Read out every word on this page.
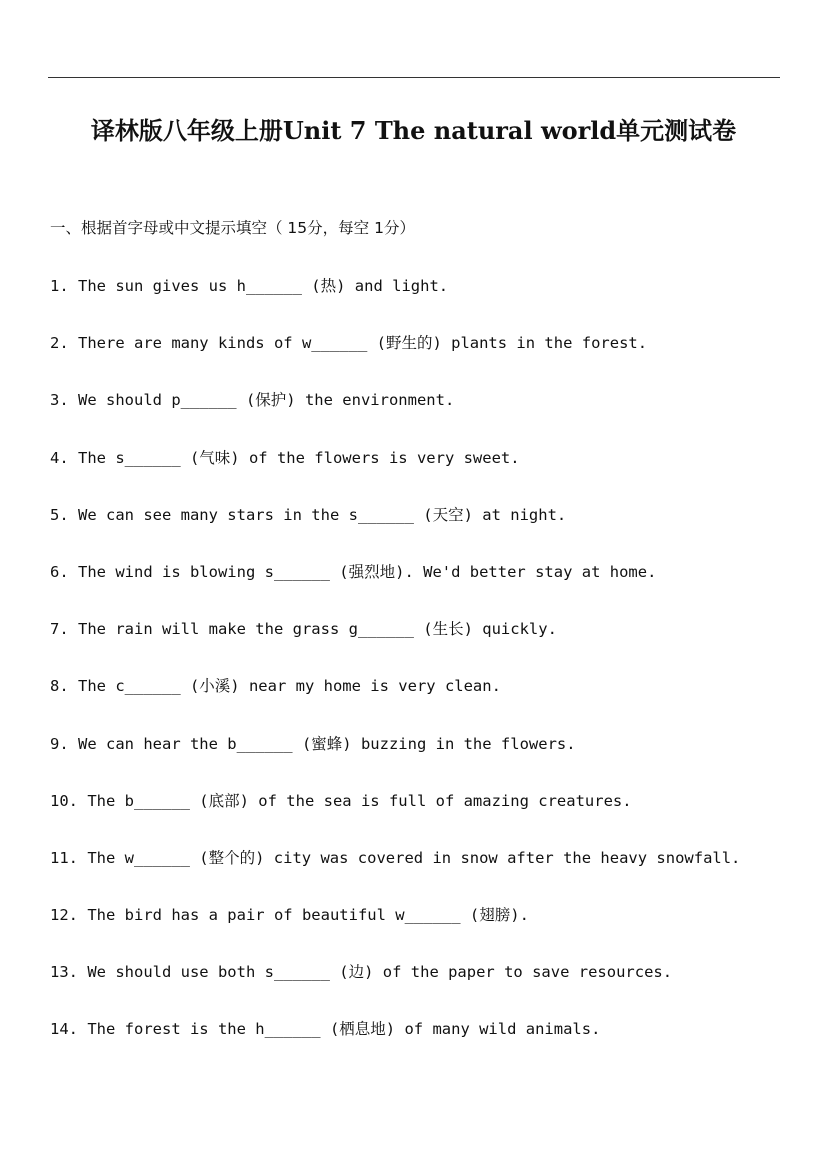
译林版八年级上册Unit 7 The natural world单元测试卷
一、根据首字母或中文提示填空（ 15分，每空 1分）
1. The sun gives us h______ (热) and light.
2. There are many kinds of w______ (野生的) plants in the forest.
3. We should p______ (保护) the environment.
4. The s______ (气味) of the flowers is very sweet.
5. We can see many stars in the s______ (天空) at night.
6. The wind is blowing s______ (强烈地). We'd better stay at home.
7. The rain will make the grass g______ (生长) quickly.
8. The c______ (小溪) near my home is very clean.
9. We can hear the b______ (蜜蜂) buzzing in the flowers.
10. The b______ (底部) of the sea is full of amazing creatures.
11. The w______ (整个的) city was covered in snow after the heavy snowfall.
12. The bird has a pair of beautiful w______ (翅膀).
13. We should use both s______ (边) of the paper to save resources.
14. The forest is the h______ (栖息地) of many wild animals.
